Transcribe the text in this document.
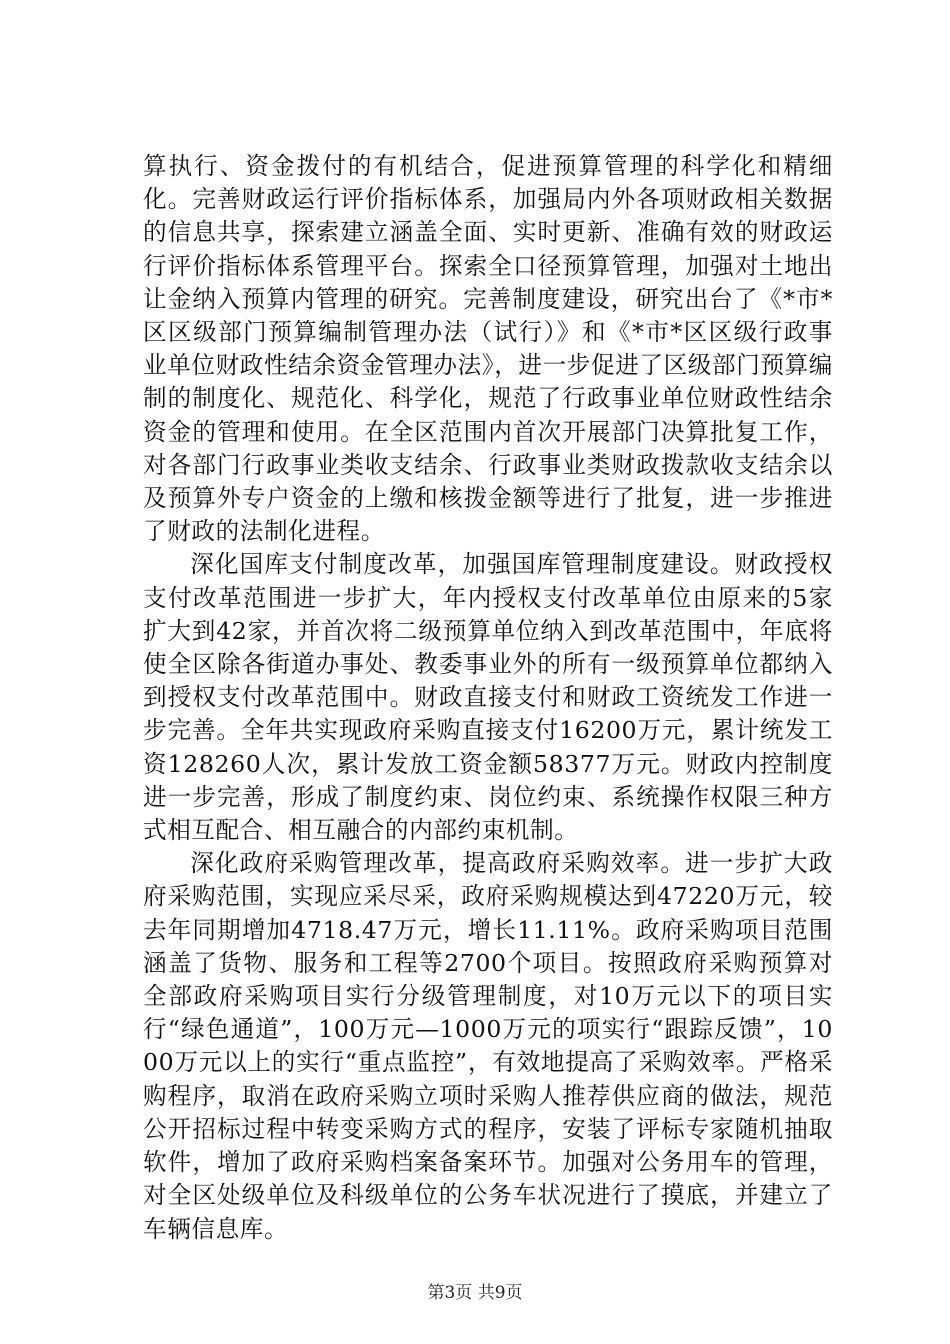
算执行、资金拨付的有机结合，促进预算管理的科学化和精细化。完善财政运行评价指标体系，加强局内外各项财政相关数据的信息共享，探索建立涵盖全面、实时更新、准确有效的财政运行评价指标体系管理平台。探索全口径预算管理，加强对土地出让金纳入预算内管理的研究。完善制度建设，研究出台了《*市*区区级部门预算编制管理办法（试行）》和《*市*区区级行政事业单位财政性结余资金管理办法》，进一步促进了区级部门预算编制的制度化、规范化、科学化，规范了行政事业单位财政性结余资金的管理和使用。在全区范围内首次开展部门决算批复工作，对各部门行政事业类收支结余、行政事业类财政拨款收支结余以及预算外专户资金的上缴和核拨金额等进行了批复，进一步推进了财政的法制化进程。

深化国库支付制度改革，加强国库管理制度建设。财政授权支付改革范围进一步扩大，年内授权支付改革单位由原来的5家扩大到42家，并首次将二级预算单位纳入到改革范围中，年底将使全区除各街道办事处、教委事业外的所有一级预算单位都纳入到授权支付改革范围中。财政直接支付和财政工资统发工作进一步完善。全年共实现政府采购直接支付16200万元，累计统发工资128260人次，累计发放工资金额58377万元。财政内控制度进一步完善，形成了制度约束、岗位约束、系统操作权限三种方式相互配合、相互融合的内部约束机制。

深化政府采购管理改革，提高政府采购效率。进一步扩大政府采购范围，实现应采尽采，政府采购规模达到47220万元，较去年同期增加4718.47万元，增长11.11%。政府采购项目范围涵盖了货物、服务和工程等2700个项目。按照政府采购预算对全部政府采购项目实行分级管理制度，对10万元以下的项目实行“绿色通道”，100万元—1000万元的项实行“跟踪反馈”，1000万元以上的实行“重点监控”，有效地提高了采购效率。严格采购程序，取消在政府采购立项时采购人推荐供应商的做法，规范公开招标过程中转变采购方式的程序，安装了评标专家随机抽取软件，增加了政府采购档案备案环节。加强对公务用车的管理，对全区处级单位及科级单位的公务车状况进行了摸底，并建立了车辆信息库。

第3页 共9页
